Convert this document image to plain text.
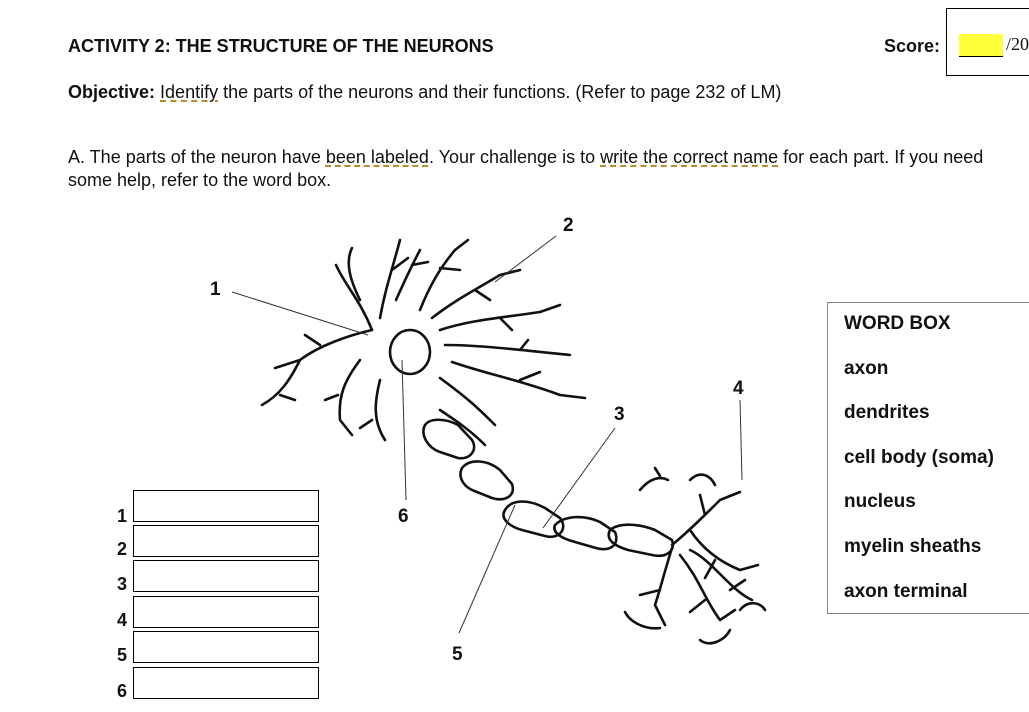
ACTIVITY 2: THE STRUCTURE OF THE NEURONS	Score:	/20
Objective: Identify the parts of the neurons and their functions. (Refer to page 232 of LM)
A. The parts of the neuron have been labeled. Your challenge is to write the correct name for each part. If you need some help, refer to the word box.
1
2
3
4
5
6
WORD BOX
axon
dendrites
cell body (soma)
nucleus
myelin sheaths
axon terminal
1
2
3
4
5
6
